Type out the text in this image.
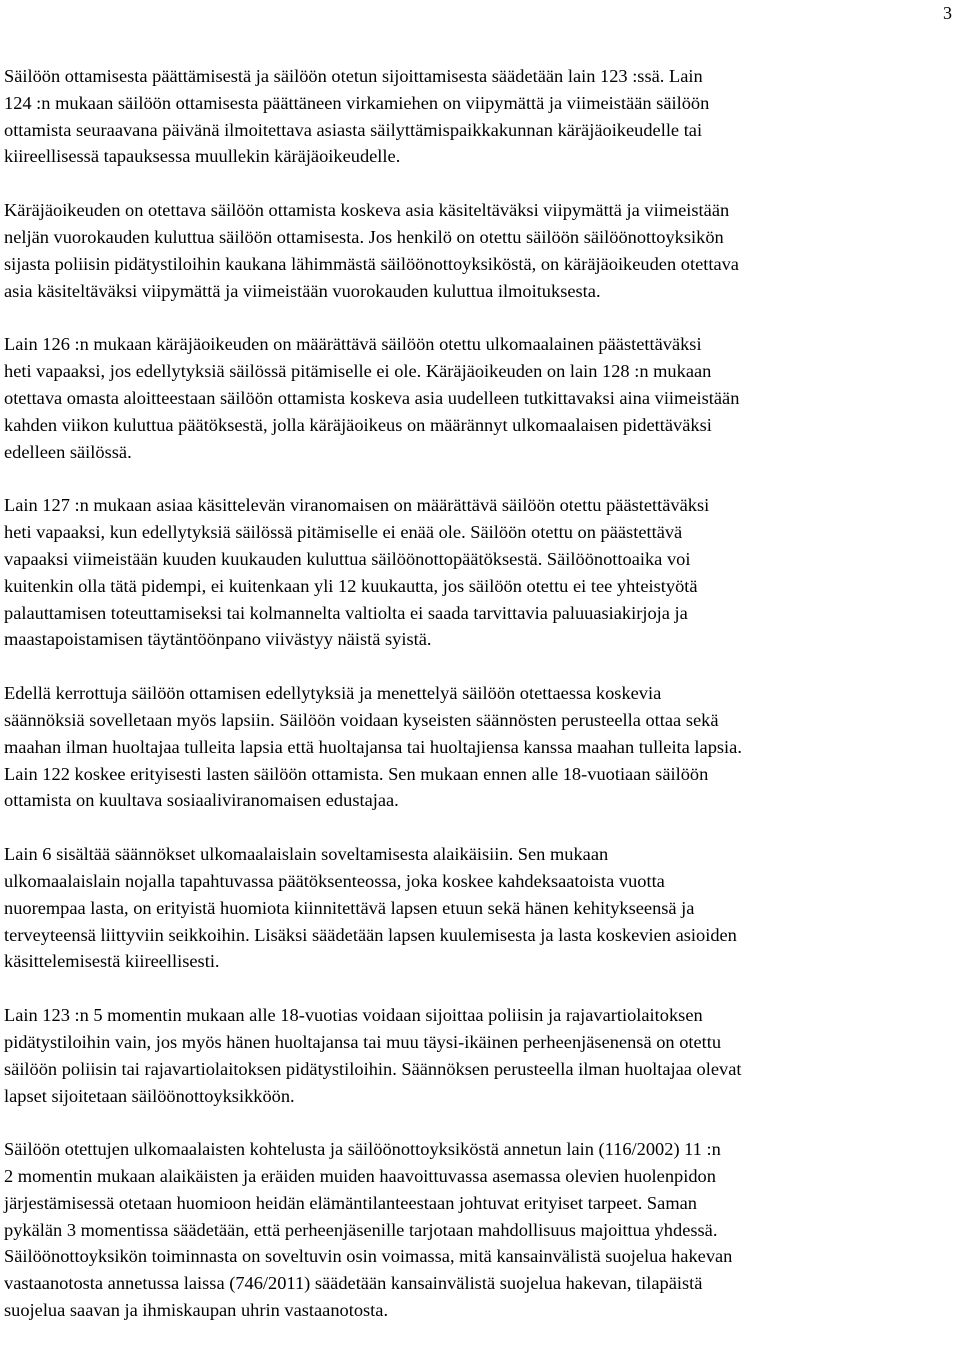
3

Säilöön ottamisesta päättämisestä ja säilöön otetun sijoittamisesta säädetään lain 123 :ssä. Lain
124 :n mukaan säilöön ottamisesta päättäneen virkamiehen on viipymättä ja viimeistään säilöön
ottamista seuraavana päivänä ilmoitettava asiasta säilyttämispaikkakunnan käräjäoikeudelle tai
kiireellisessä tapauksessa muullekin käräjäoikeudelle.

Käräjäoikeuden on otettava säilöön ottamista koskeva asia käsiteltäväksi viipymättä ja viimeistään
neljän vuorokauden kuluttua säilöön ottamisesta. Jos henkilö on otettu säilöön säilöönottoyksikön
sijasta poliisin pidätystiloihin kaukana lähimmästä säilöönottoyksiköstä, on käräjäoikeuden otettava
asia käsiteltäväksi viipymättä ja viimeistään vuorokauden kuluttua ilmoituksesta.

Lain 126 :n mukaan käräjäoikeuden on määrättävä säilöön otettu ulkomaalainen päästettäväksi
heti vapaaksi, jos edellytyksiä säilössä pitämiselle ei ole. Käräjäoikeuden on lain 128 :n mukaan
otettava omasta aloitteestaan säilöön ottamista koskeva asia uudelleen tutkittavaksi aina viimeistään
kahden viikon kuluttua päätöksestä, jolla käräjäoikeus on määrännyt ulkomaalaisen pidettäväksi
edelleen säilössä.

Lain 127 :n mukaan asiaa käsittelevän viranomaisen on määrättävä säilöön otettu päästettäväksi
heti vapaaksi, kun edellytyksiä säilössä pitämiselle ei enää ole. Säilöön otettu on päästettävä
vapaaksi viimeistään kuuden kuukauden kuluttua säilöönottopäätöksestä. Säilöönottoaika voi
kuitenkin olla tätä pidempi, ei kuitenkaan yli 12 kuukautta, jos säilöön otettu ei tee yhteistyötä
palauttamisen toteuttamiseksi tai kolmannelta valtiolta ei saada tarvittavia paluuasiakirjoja ja
maastapoistamisen täytäntöönpano viivästyy näistä syistä.

Edellä kerrottuja säilöön ottamisen edellytyksiä ja menettelyä säilöön otettaessa koskevia
säännöksiä sovelletaan myös lapsiin. Säilöön voidaan kyseisten säännösten perusteella ottaa sekä
maahan ilman huoltajaa tulleita lapsia että huoltajansa tai huoltajiensa kanssa maahan tulleita lapsia.
Lain 122 koskee erityisesti lasten säilöön ottamista. Sen mukaan ennen alle 18-vuotiaan säilöön
ottamista on kuultava sosiaaliviranomaisen edustajaa.

Lain 6 sisältää säännökset ulkomaalaislain soveltamisesta alaikäisiin. Sen mukaan
ulkomaalaislain nojalla tapahtuvassa päätöksenteossa, joka koskee kahdeksaatoista vuotta
nuorempaa lasta, on erityistä huomiota kiinnitettävä lapsen etuun sekä hänen kehitykseensä ja
terveyteensä liittyviin seikkoihin. Lisäksi säädetään lapsen kuulemisesta ja lasta koskevien asioiden
käsittelemisestä kiireellisesti.

Lain 123 :n 5 momentin mukaan alle 18-vuotias voidaan sijoittaa poliisin ja rajavartiolaitoksen
pidätystiloihin vain, jos myös hänen huoltajansa tai muu täysi-ikäinen perheenjäsenensä on otettu
säilöön poliisin tai rajavartiolaitoksen pidätystiloihin. Säännöksen perusteella ilman huoltajaa olevat
lapset sijoitetaan säilöönottoyksikköön.

Säilöön otettujen ulkomaalaisten kohtelusta ja säilöönottoyksiköstä annetun lain (116/2002) 11 :n
2 momentin mukaan alaikäisten ja eräiden muiden haavoittuvassa asemassa olevien huolenpidon
järjestämisessä otetaan huomioon heidän elämäntilanteestaan johtuvat erityiset tarpeet. Saman
pykälän 3 momentissa säädetään, että perheenjäsenille tarjotaan mahdollisuus majoittua yhdessä.
Säilöönottoyksikön toiminnasta on soveltuvin osin voimassa, mitä kansainvälistä suojelua hakevan
vastaanotosta annetussa laissa (746/2011) säädetään kansainvälistä suojelua hakevan, tilapäistä
suojelua saavan ja ihmiskaupan uhrin vastaanotosta.
